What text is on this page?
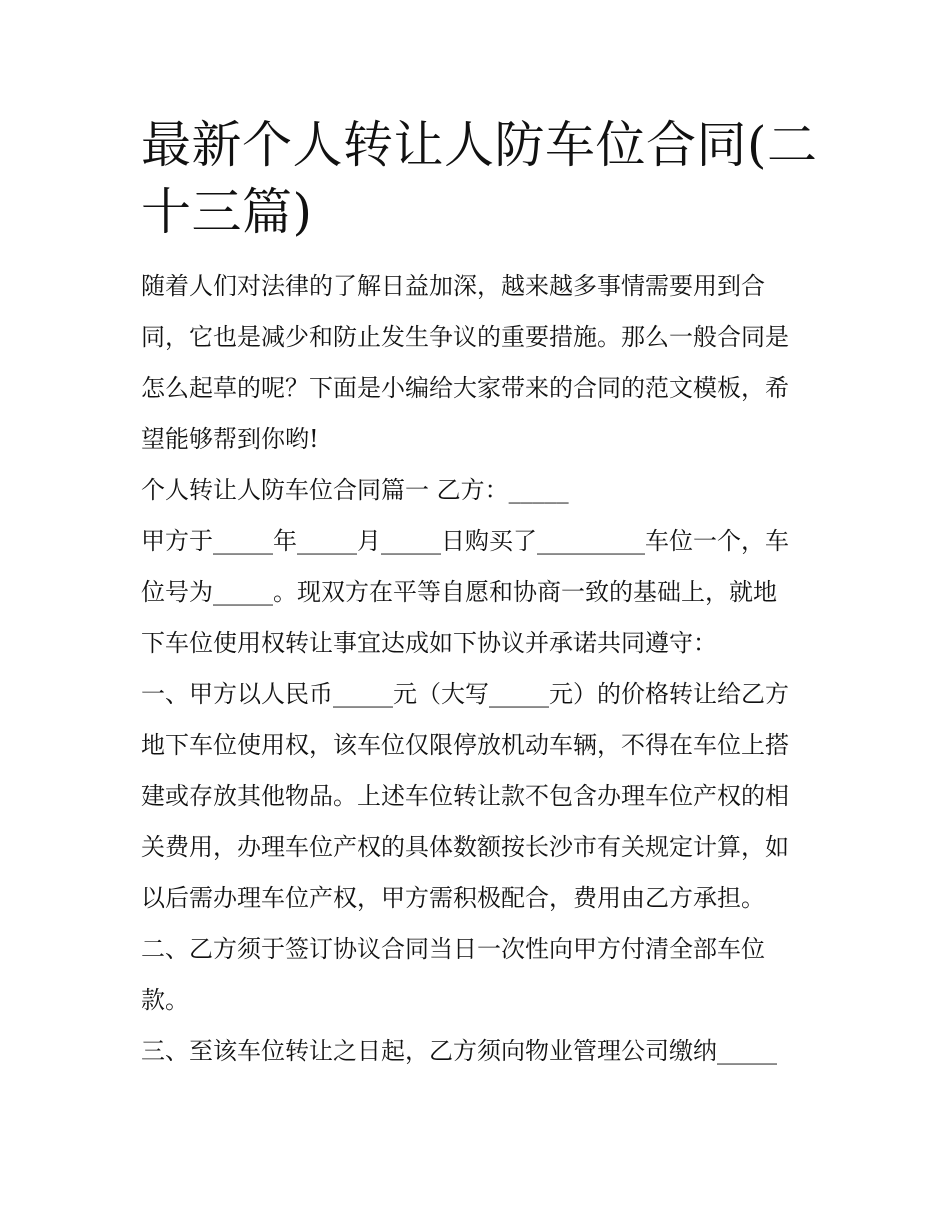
最新个人转让人防车位合同(二
十三篇)

随着人们对法律的了解日益加深，越来越多事情需要用到合
同，它也是减少和防止发生争议的重要措施。那么一般合同是
怎么起草的呢？下面是小编给大家带来的合同的范文模板，希
望能够帮到你哟!

个人转让人防车位合同篇一 乙方：_____

甲方于_____年_____月_____日购买了_________车位一个，车
位号为_____。现双方在平等自愿和协商一致的基础上，就地
下车位使用权转让事宜达成如下协议并承诺共同遵守：

一、甲方以人民币_____元（大写_____元）的价格转让给乙方
地下车位使用权，该车位仅限停放机动车辆，不得在车位上搭
建或存放其他物品。上述车位转让款不包含办理车位产权的相
关费用，办理车位产权的具体数额按长沙市有关规定计算，如
以后需办理车位产权，甲方需积极配合，费用由乙方承担。

二、乙方须于签订协议合同当日一次性向甲方付清全部车位
款。

三、至该车位转让之日起，乙方须向物业管理公司缴纳_____
